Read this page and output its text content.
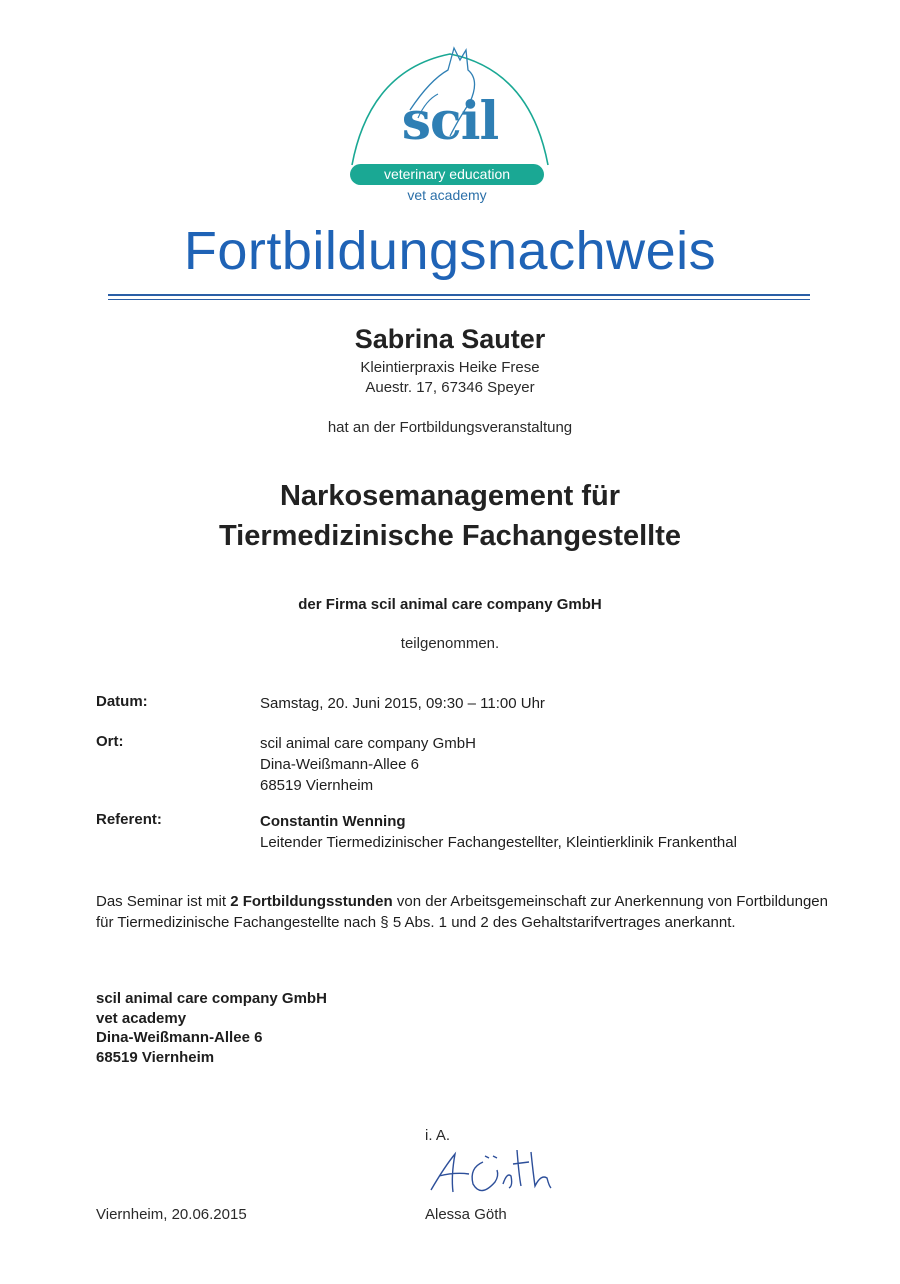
scil
veterinary education
vet academy
Fortbildungsnachweis
Sabrina Sauter
Kleintierpraxis Heike Frese
Auestr. 17, 67346 Speyer
hat an der Fortbildungsveranstaltung
Narkosemanagement für
Tiermedizinische Fachangestellte
der Firma scil animal care company GmbH
teilgenommen.
Datum:	Samstag, 20. Juni 2015, 09:30 – 11:00 Uhr
Ort:	scil animal care company GmbH
Dina-Weißmann-Allee 6
68519 Viernheim
Referent:	Constantin Wenning
Leitender Tiermedizinischer Fachangestellter, Kleintierklinik Frankenthal
Das Seminar ist mit 2 Fortbildungsstunden von der Arbeitsgemeinschaft zur Anerkennung von Fortbildungen für Tiermedizinische Fachangestellte nach § 5 Abs. 1 und 2 des Gehaltstarifvertrages anerkannt.
scil animal care company GmbH
vet academy
Dina-Weißmann-Allee 6
68519 Viernheim
i. A.
Alessa Göth
Viernheim, 20.06.2015
